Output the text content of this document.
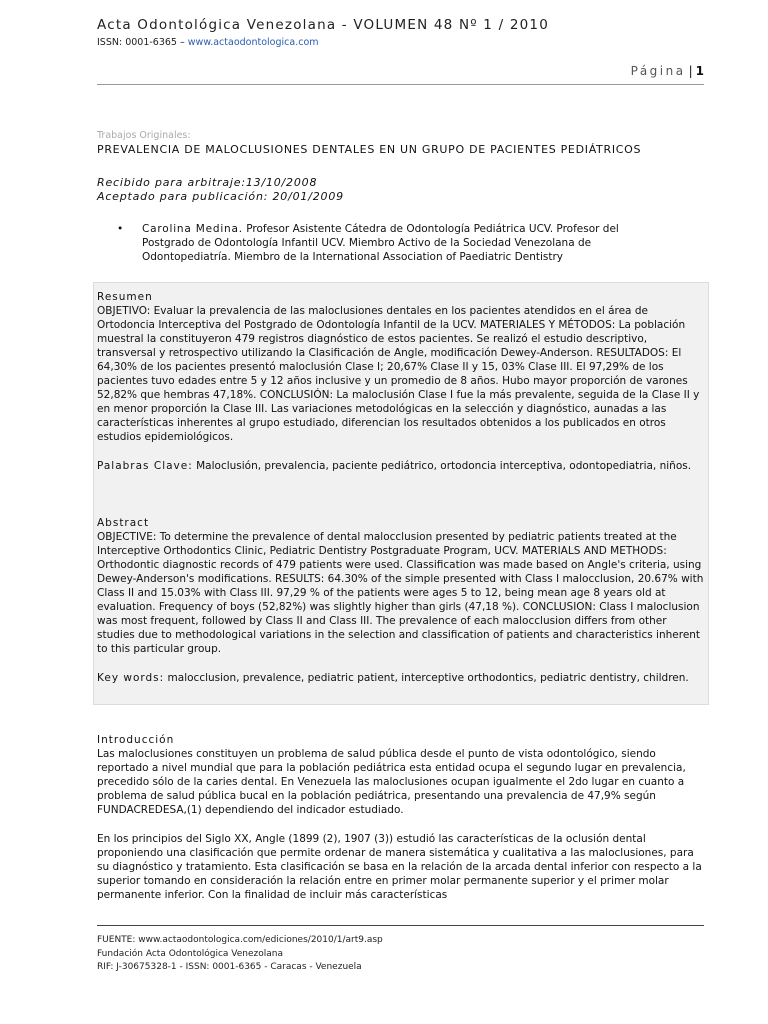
Acta Odontológica Venezolana - VOLUMEN 48 Nº 1 / 2010
ISSN: 0001-6365 – www.actaodontologica.com
Página | 1
Trabajos Originales:
PREVALENCIA DE MALOCLUSIONES DENTALES EN UN GRUPO DE PACIENTES PEDIÁTRICOS
Recibido para arbitraje:13/10/2008
Aceptado para publicación: 20/01/2009
• Carolina Medina. Profesor Asistente Cátedra de Odontología Pediátrica UCV. Profesor del Postgrado de Odontología Infantil UCV. Miembro Activo de la Sociedad Venezolana de Odontopediatría. Miembro de la International Association of Paediatric Dentistry
Resumen

OBJETIVO: Evaluar la prevalencia de las maloclusiones dentales en los pacientes atendidos en el área de Ortodoncia Interceptiva del Postgrado de Odontología Infantil de la UCV. MATERIALES Y MÉTODOS: La población muestral la constituyeron 479 registros diagnóstico de estos pacientes. Se realizó el estudio descriptivo, transversal y retrospectivo utilizando la Clasificación de Angle, modificación Dewey-Anderson. RESULTADOS: El 64,30% de los pacientes presentó maloclusión Clase I; 20,67% Clase II y 15, 03% Clase III. El 97,29% de los pacientes tuvo edades entre 5 y 12 años inclusive y un promedio de 8 años. Hubo mayor proporción de varones 52,82% que hembras 47,18%. CONCLUSIÓN: La maloclusión Clase I fue la más prevalente, seguida de la Clase II y en menor proporción la Clase III. Las variaciones metodológicas en la selección y diagnóstico, aunadas a las características inherentes al grupo estudiado, diferencian los resultados obtenidos a los publicados en otros estudios epidemiológicos.

Palabras Clave: Maloclusión, prevalencia, paciente pediátrico, ortodoncia interceptiva, odontopediatria, niños.

Abstract

OBJECTIVE: To determine the prevalence of dental malocclusion presented by pediatric patients treated at the Interceptive Orthodontics Clinic, Pediatric Dentistry Postgraduate Program, UCV. MATERIALS AND METHODS: Orthodontic diagnostic records of 479 patients were used. Classification was made based on Angle's criteria, using Dewey-Anderson's modifications. RESULTS: 64.30% of the simple presented with Class I malocclusion, 20.67% with Class II and 15.03% with Class III. 97,29 % of the patients were ages 5 to 12, being mean age 8 years old at evaluation. Frequency of boys (52,82%) was slightly higher than girls (47,18 %). CONCLUSION: Class I maloclusion was most frequent, followed by Class II and Class III. The prevalence of each malocclusion differs from other studies due to methodological variations in the selection and classification of patients and characteristics inherent to this particular group.

Key words: malocclusion, prevalence, pediatric patient, interceptive orthodontics, pediatric dentistry, children.

Introducción

Las maloclusiones constituyen un problema de salud pública desde el punto de vista odontológico, siendo reportado a nivel mundial que para la población pediátrica esta entidad ocupa el segundo lugar en prevalencia, precedido sólo de la caries dental. En Venezuela las maloclusiones ocupan igualmente el 2do lugar en cuanto a problema de salud pública bucal en la población pediátrica, presentando una prevalencia de 47,9% según FUNDACREDESA,(1) dependiendo del indicador estudiado.

En los principios del Siglo XX, Angle (1899 (2), 1907 (3)) estudió las características de la oclusión dental proponiendo una clasificación que permite ordenar de manera sistemática y cualitativa a las maloclusiones, para su diagnóstico y tratamiento. Esta clasificación se basa en la relación de la arcada dental inferior con respecto a la superior tomando en consideración la relación entre en primer molar permanente superior y el primer molar permanente inferior. Con la finalidad de incluir más características

FUENTE: www.actaodontologica.com/ediciones/2010/1/art9.asp
Fundación Acta Odontológica Venezolana
RIF: J-30675328-1 - ISSN: 0001-6365 - Caracas - Venezuela
